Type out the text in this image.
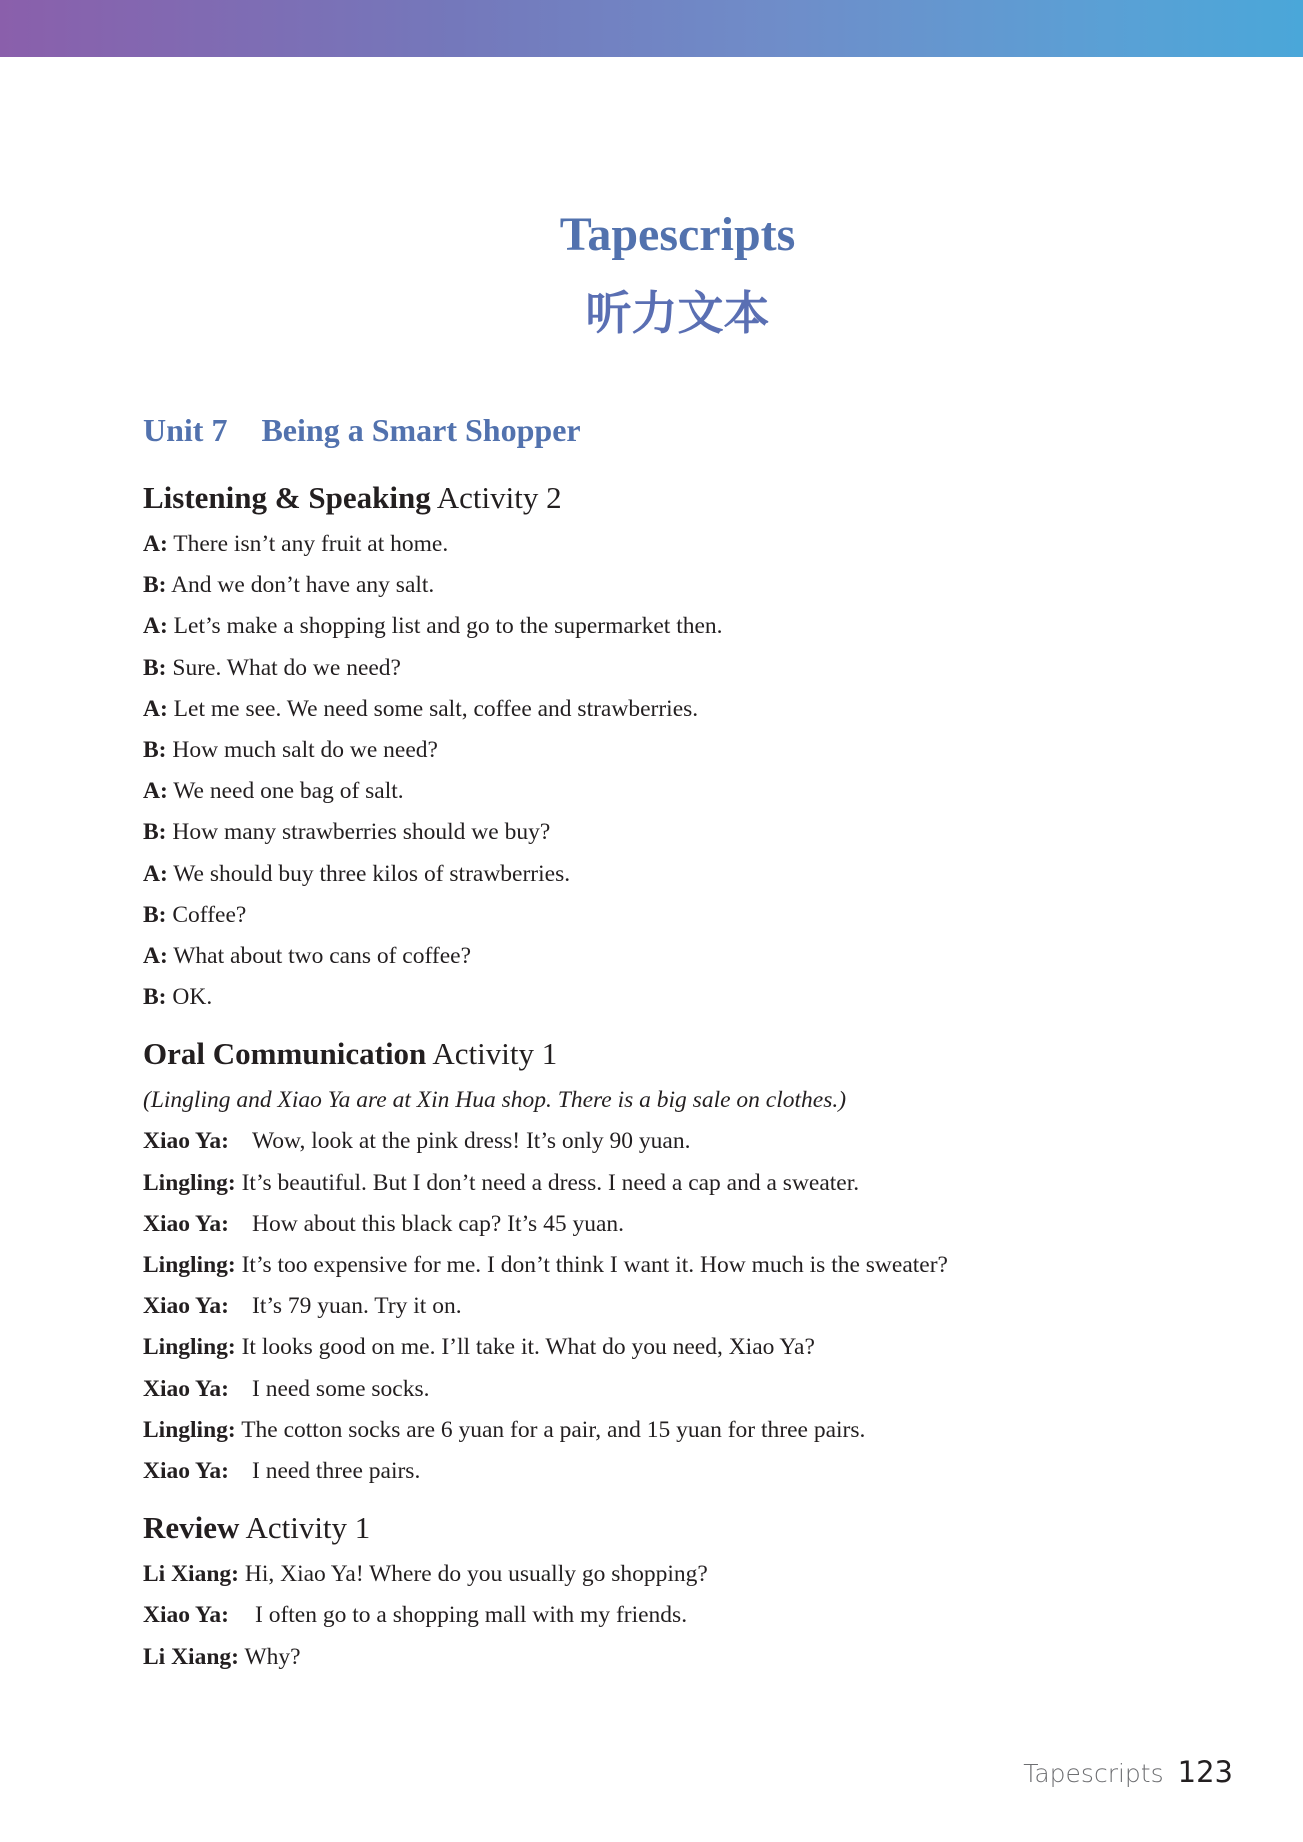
Tapescripts
听力文本
Unit 7 Being a Smart Shopper
Listening & Speaking Activity 2
A: There isn’t any fruit at home.
B: And we don’t have any salt.
A: Let’s make a shopping list and go to the supermarket then.
B: Sure. What do we need?
A: Let me see. We need some salt, coffee and strawberries.
B: How much salt do we need?
A: We need one bag of salt.
B: How many strawberries should we buy?
A: We should buy three kilos of strawberries.
B: Coffee?
A: What about two cans of coffee?
B: OK.
Oral Communication Activity 1
(Lingling and Xiao Ya are at Xin Hua shop. There is a big sale on clothes.)
Xiao Ya: Wow, look at the pink dress! It’s only 90 yuan.
Lingling: It’s beautiful. But I don’t need a dress. I need a cap and a sweater.
Xiao Ya: How about this black cap? It’s 45 yuan.
Lingling: It’s too expensive for me. I don’t think I want it. How much is the sweater?
Xiao Ya: It’s 79 yuan. Try it on.
Lingling: It looks good on me. I’ll take it. What do you need, Xiao Ya?
Xiao Ya: I need some socks.
Lingling: The cotton socks are 6 yuan for a pair, and 15 yuan for three pairs.
Xiao Ya: I need three pairs.
Review Activity 1
Li Xiang: Hi, Xiao Ya! Where do you usually go shopping?
Xiao Ya: I often go to a shopping mall with my friends.
Li Xiang: Why?
Tapescripts 123
